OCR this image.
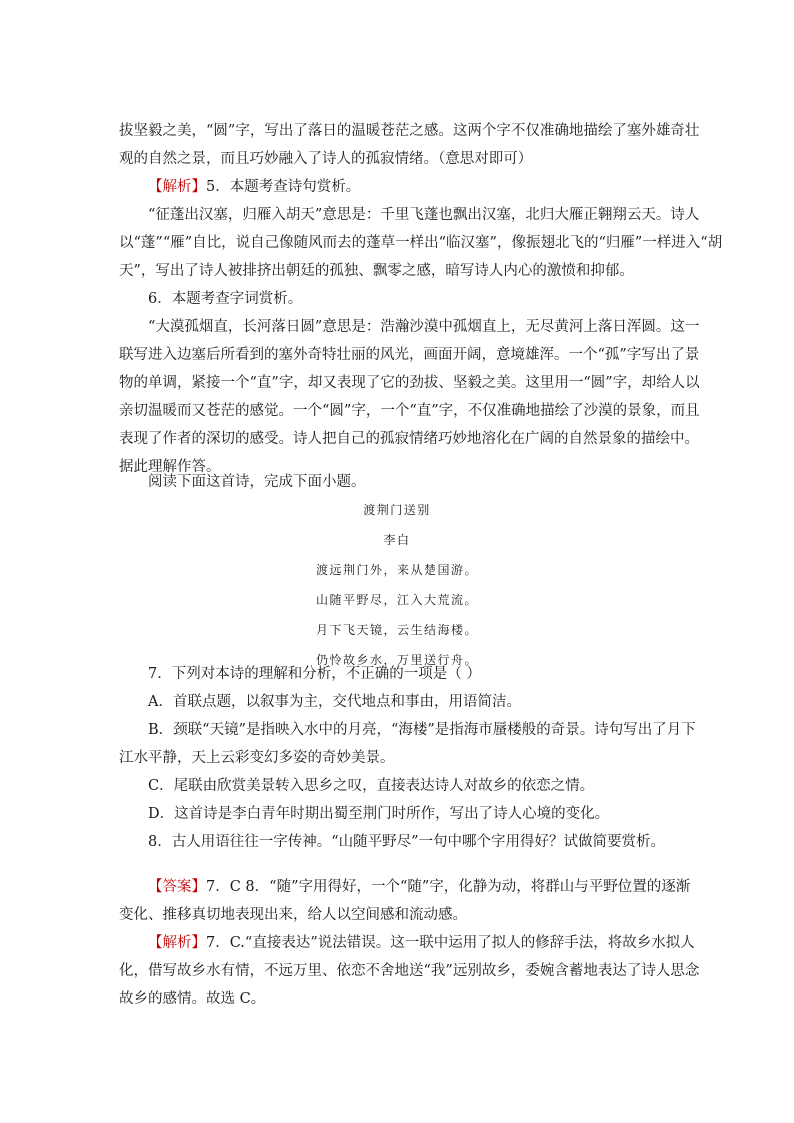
拔坚毅之美，“圆”字，写出了落日的温暖苍茫之感。这两个字不仅准确地描绘了塞外雄奇壮

观的自然之景，而且巧妙融入了诗人的孤寂情绪。（意思对即可）

【解析】5．本题考查诗句赏析。

“征蓬出汉塞，归雁入胡天”意思是：千里飞蓬也飘出汉塞，北归大雁正翱翔云天。诗人

以“蓬”“雁”自比，说自己像随风而去的蓬草一样出“临汉塞”，像振翅北飞的“归雁”一样进入“胡

天”，写出了诗人被排挤出朝廷的孤独、飘零之感，暗写诗人内心的激愤和抑郁。

6．本题考查字词赏析。

“大漠孤烟直，长河落日圆”意思是：浩瀚沙漠中孤烟直上，无尽黄河上落日浑圆。这一

联写进入边塞后所看到的塞外奇特壮丽的风光，画面开阔，意境雄浑。一个“孤”字写出了景

物的单调，紧接一个“直”字，却又表现了它的劲拔、坚毅之美。这里用一“圆”字，却给人以

亲切温暖而又苍茫的感觉。一个“圆”字，一个“直”字，不仅准确地描绘了沙漠的景象，而且

表现了作者的深切的感受。诗人把自己的孤寂情绪巧妙地溶化在广阔的自然景象的描绘中。

据此理解作答。

阅读下面这首诗，完成下面小题。

渡荆门送别

李白

渡远荆门外，来从楚国游。

山随平野尽，江入大荒流。

月下飞天镜，云生结海楼。

仍怜故乡水，万里送行舟。

7．下列对本诗的理解和分析，不正确的一项是（ ）

A．首联点题，以叙事为主，交代地点和事由，用语简洁。

B．颈联“天镜”是指映入水中的月亮，“海楼”是指海市蜃楼般的奇景。诗句写出了月下

江水平静，天上云彩变幻多姿的奇妙美景。

C．尾联由欣赏美景转入思乡之叹，直接表达诗人对故乡的依恋之情。

D．这首诗是李白青年时期出蜀至荆门时所作，写出了诗人心境的变化。

8．古人用语往往一字传神。“山随平野尽”一句中哪个字用得好？试做简要赏析。

【答案】7．C 8．“随”字用得好，一个“随”字，化静为动，将群山与平野位置的逐渐

变化、推移真切地表现出来，给人以空间感和流动感。

【解析】7．C.“直接表达”说法错误。这一联中运用了拟人的修辞手法，将故乡水拟人

化，借写故乡水有情，不远万里、依恋不舍地送“我”远别故乡，委婉含蓄地表达了诗人思念

故乡的感情。故选 C。
